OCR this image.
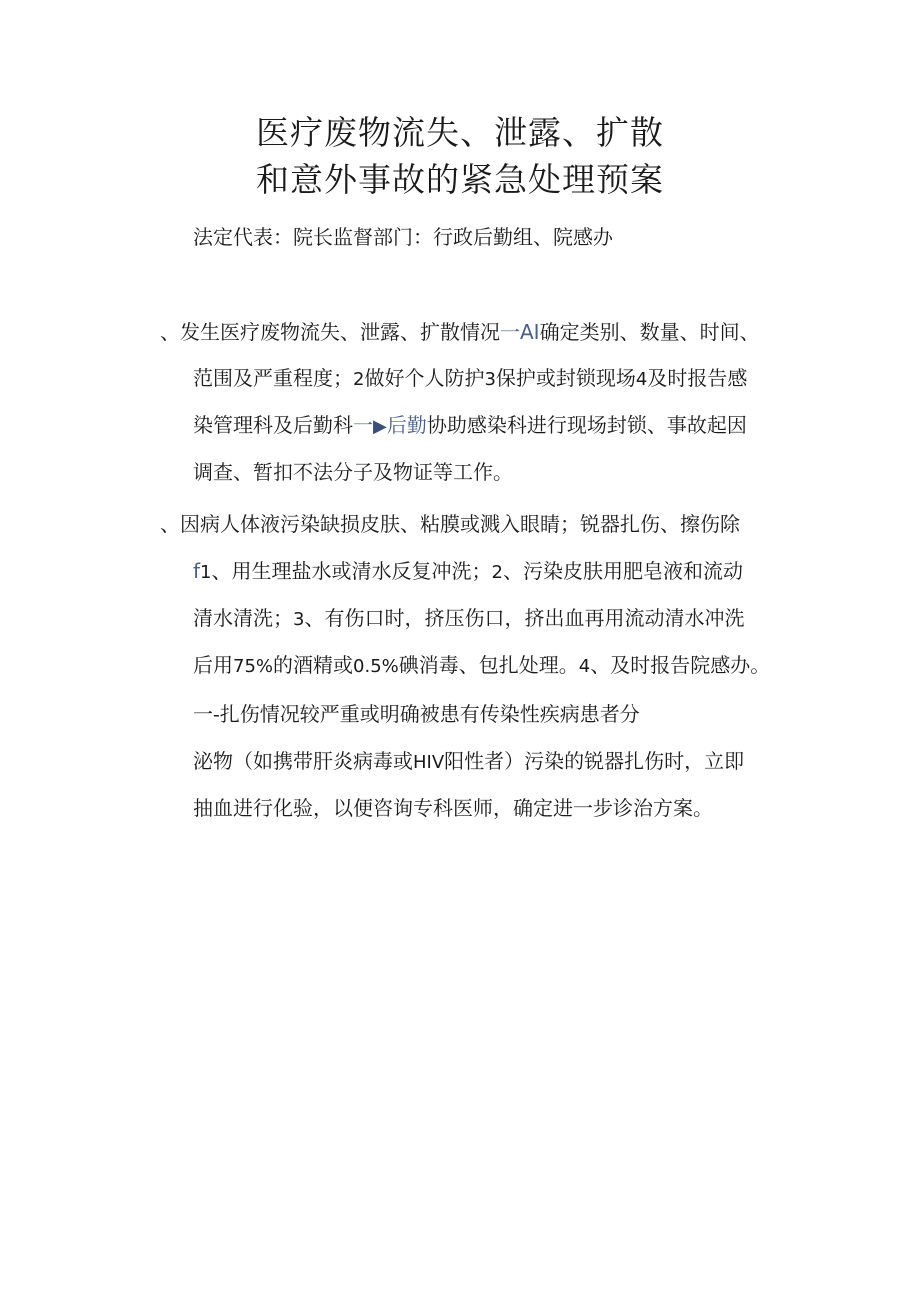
医疗废物流失、泄露、扩散
和意外事故的紧急处理预案
法定代表：院长监督部门：行政后勤组、院感办
、发生医疗废物流失、泄露、扩散情况一AI确定类别、数量、时间、
范围及严重程度；2做好个人防护3保护或封锁现场4及时报告感
染管理科及后勤科一▶后勤协助感染科进行现场封锁、事故起因
调查、暂扣不法分子及物证等工作。
、因病人体液污染缺损皮肤、粘膜或溅入眼睛；锐器扎伤、擦伤除
f1、用生理盐水或清水反复冲洗；2、污染皮肤用肥皂液和流动
清水清洗；3、有伤口时，挤压伤口，挤出血再用流动清水冲洗
后用75%的酒精或0.5%碘消毒、包扎处理。4、及时报告院感办。
一-扎伤情况较严重或明确被患有传染性疾病患者分
泌物（如携带肝炎病毒或HIV阳性者）污染的锐器扎伤时，立即
抽血进行化验，以便咨询专科医师，确定进一步诊治方案。
